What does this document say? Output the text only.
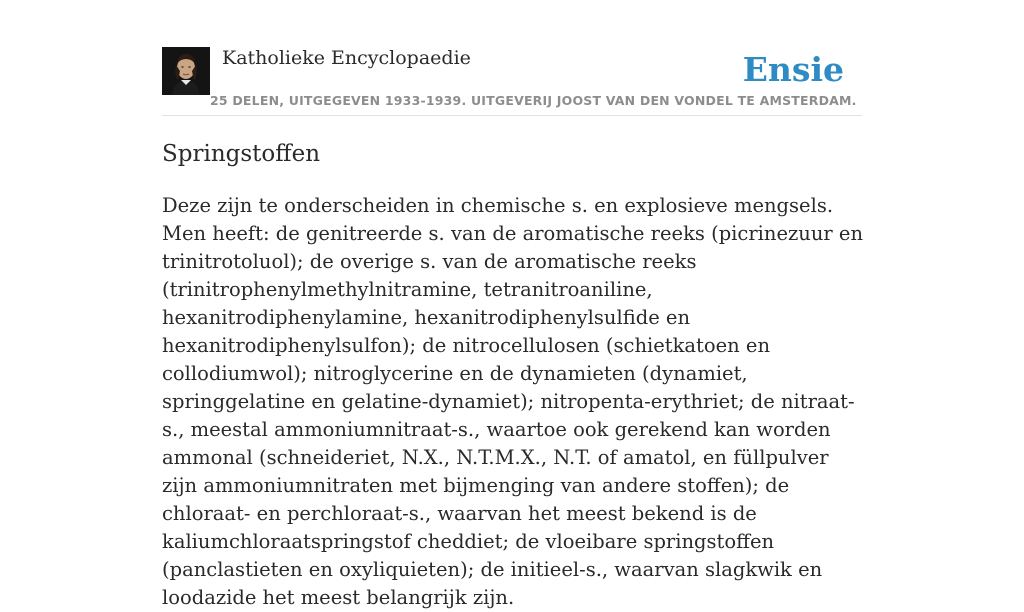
Katholieke Encyclopaedie
25 DELEN, UITGEGEVEN 1933-1939. UITGEVERIJ JOOST VAN DEN VONDEL TE AMSTERDAM.
Ensie
Springstoffen

Deze zijn te onderscheiden in chemische s. en explosieve mengsels. Men heeft: de genitreerde s. van de aromatische reeks (picrinezuur en trinitrotoluol); de overige s. van de aromatische reeks (trinitrophenylmethylnitramine, tetranitroaniline, hexanitrodiphenylamine, hexanitrodiphenylsulfide en hexanitrodiphenylsulfon); de nitrocellulosen (schietkatoen en collodiumwol); nitroglycerine en de dynamieten (dynamiet, springgelatine en gelatine-dynamiet); nitropenta-erythriet; de nitraat-s., meestal ammoniumnitraat-s., waartoe ook gerekend kan worden ammonal (schneideriet, N.X., N.T.M.X., N.T. of amatol, en füllpulver zijn ammoniumnitraten met bijmenging van andere stoffen); de chloraat- en perchloraat-s., waarvan het meest bekend is de kaliumchloraatspringstof cheddiet; de vloeibare springstoffen (panclastieten en oxyliquieten); de initieel-s., waarvan slagkwik en loodazide het meest belangrijk zijn.
